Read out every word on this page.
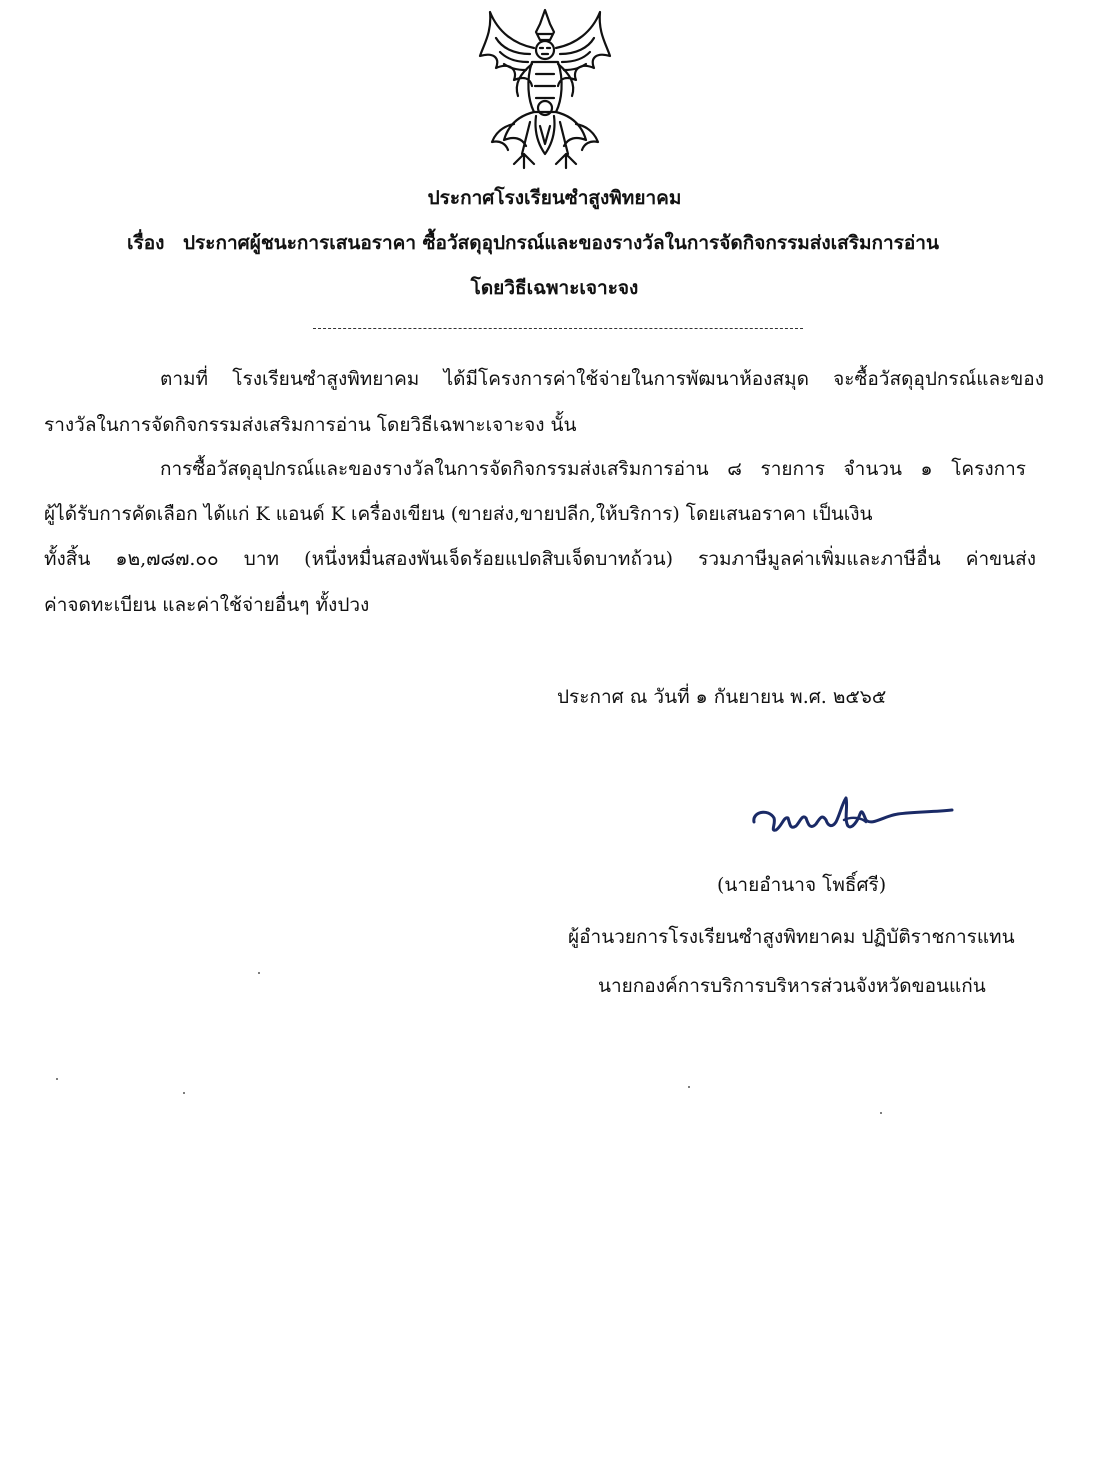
ประกาศโรงเรียนซำสูงพิทยาคม
เรื่อง ประกาศผู้ชนะการเสนอราคา ซื้อวัสดุอุปกรณ์และของรางวัลในการจัดกิจกรรมส่งเสริมการอ่าน
โดยวิธีเฉพาะเจาะจง
ตามที่ โรงเรียนซำสูงพิทยาคม ได้มีโครงการค่าใช้จ่ายในการพัฒนาห้องสมุด จะซื้อวัสดุอุปกรณ์และของ
รางวัลในการจัดกิจกรรมส่งเสริมการอ่าน โดยวิธีเฉพาะเจาะจง นั้น
การซื้อวัสดุอุปกรณ์และของรางวัลในการจัดกิจกรรมส่งเสริมการอ่าน ๘ รายการ จำนวน ๑ โครงการ
ผู้ได้รับการคัดเลือก ได้แก่ K แอนด์ K เครื่องเขียน (ขายส่ง,ขายปลีก,ให้บริการ) โดยเสนอราคา เป็นเงิน
ทั้งสิ้น ๑๒,๗๘๗.๐๐ บาท (หนึ่งหมื่นสองพันเจ็ดร้อยแปดสิบเจ็ดบาทถ้วน) รวมภาษีมูลค่าเพิ่มและภาษีอื่น ค่าขนส่ง
ค่าจดทะเบียน และค่าใช้จ่ายอื่นๆ ทั้งปวง
ประกาศ ณ วันที่ ๑ กันยายน พ.ศ. ๒๕๖๕
(นายอำนาจ โพธิ์ศรี)
ผู้อำนวยการโรงเรียนซำสูงพิทยาคม ปฏิบัติราชการแทน
นายกองค์การบริการบริหารส่วนจังหวัดขอนแก่น
